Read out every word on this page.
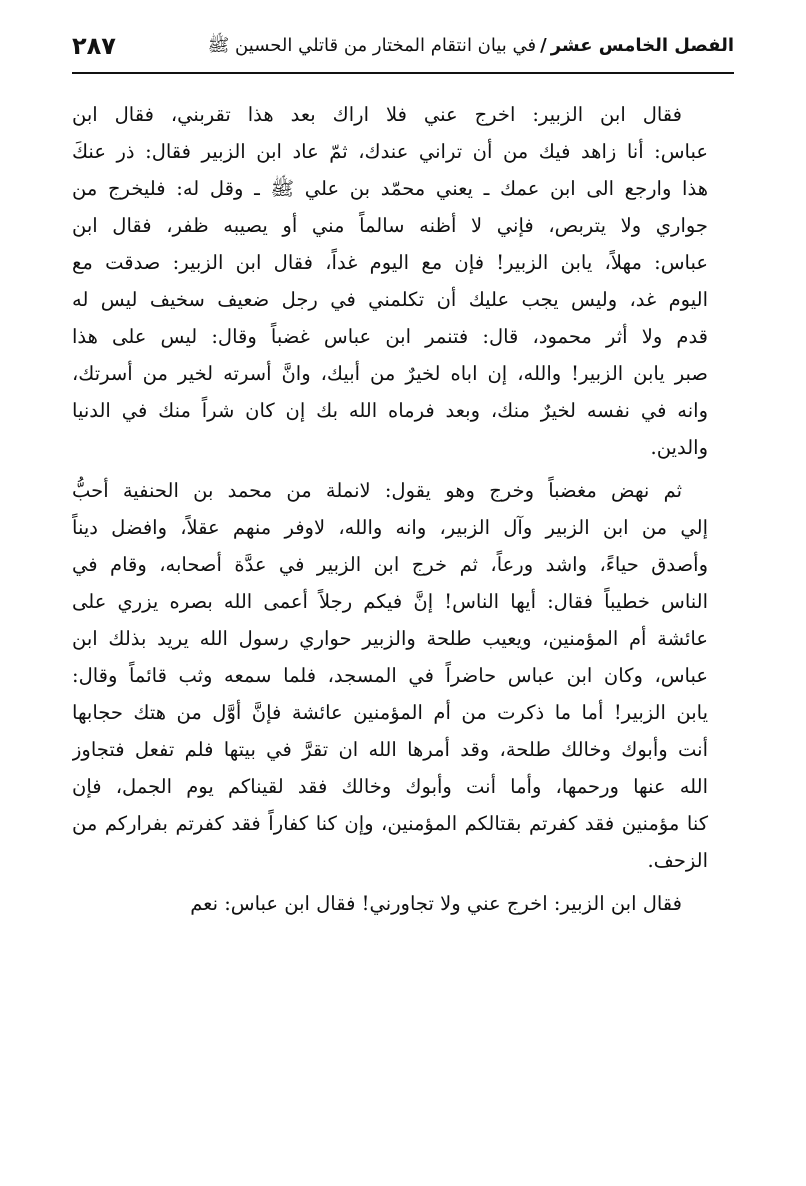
٢٨٧	الفصل الخامس عشر/في بيان انتقام المختار من قاتلي الحسين ﷺ
فقال ابن الزبير: اخرج عني فلا اراك بعد هذا تقربني، فقال ابن
عباس: أنا زاهد فيك من أن تراني عندك، ثمّ عاد ابن الزبير فقال: ذر عنكَ
هذا وارجع الى ابن عمك ـ يعني محمّد بن علي ﷺ ـ وقل له: فليخرج من
جواري ولا يتربص، فإني لا أظنه سالماً مني أو يصيبه ظفر، فقال ابن
عباس: مهلاً، يابن الزبير! فإن مع اليوم غداً، فقال ابن الزبير: صدقت مع
اليوم غد، وليس يجب عليك أن تكلمني في رجل ضعيف سخيف ليس له
قدم ولا أثر محمود، قال: فتنمر ابن عباس غضباً وقال: ليس على هذا
صبر يابن الزبير! والله، إن اباه لخيرٌ من أبيك، وانَّ أسرته لخير من أسرتك،
وانه في نفسه لخيرٌ منك، وبعد فرماه الله بك إن كان شراً منك في الدنيا
والدين.
ثم نهض مغضباً وخرج وهو يقول: لانملة من محمد بن الحنفية أحبُّ
إلي من ابن الزبير وآل الزبير، وانه والله، لاوفر منهم عقلاً، وافضل ديناً
وأصدق حياءً، واشد ورعاً، ثم خرج ابن الزبير في عدَّة أصحابه، وقام في
الناس خطيباً فقال: أيها الناس! إنَّ فيكم رجلاً أعمى الله بصره يزري على
عائشة أم المؤمنين، ويعيب طلحة والزبير حواري رسول الله يريد بذلك ابن
عباس، وكان ابن عباس حاضراً في المسجد، فلما سمعه وثب قائماً وقال:
يابن الزبير! أما ما ذكرت من أم المؤمنين عائشة فإنَّ أوَّل من هتك حجابها
أنت وأبوك وخالك طلحة، وقد أمرها الله ان تقرَّ في بيتها فلم تفعل فتجاوز
الله عنها ورحمها، وأما أنت وأبوك وخالك فقد لقيناكم يوم الجمل، فإن
كنا مؤمنين فقد كفرتم بقتالكم المؤمنين، وإن كنا كفاراً فقد كفرتم بفراركم من
الزحف.
فقال ابن الزبير: اخرج عني ولا تجاورني! فقال ابن عباس: نعم
